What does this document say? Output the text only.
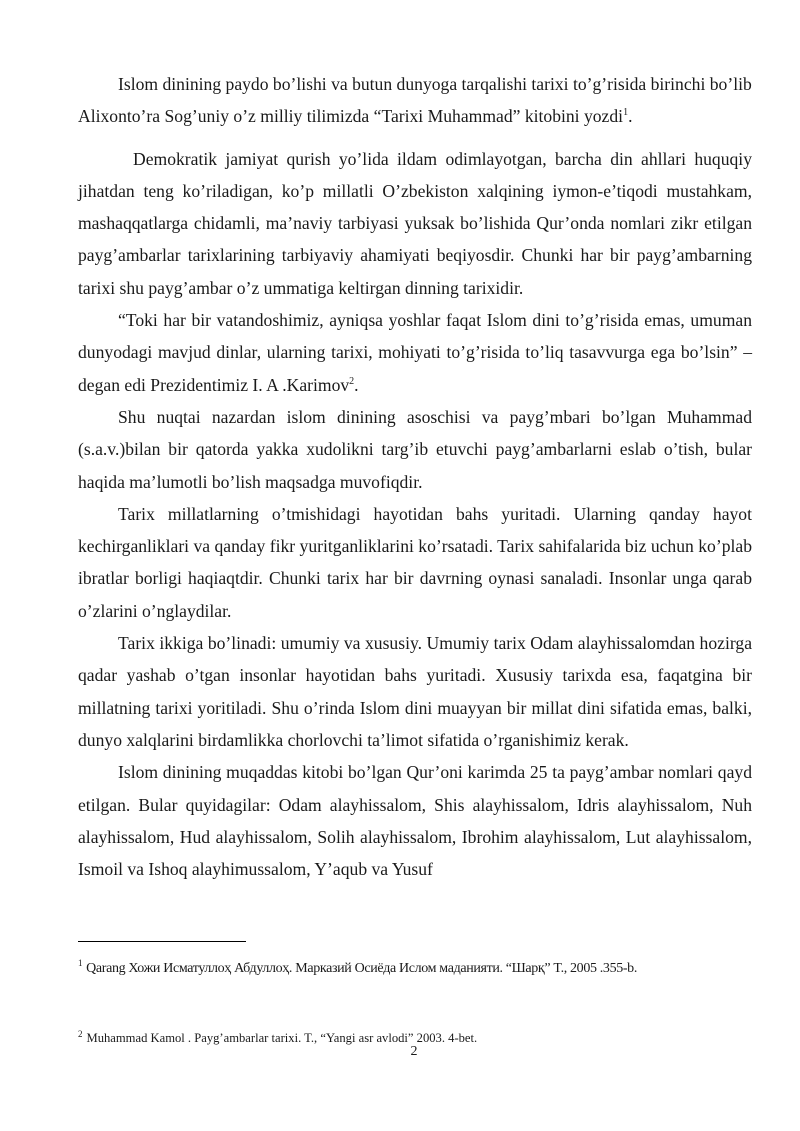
Islom dinining paydo bo’lishi va butun dunyoga tarqalishi tarixi to’g’risida birinchi bo’lib Alixonto’ra Sog’uniy o’z milliy tilimizda “Tarixi Muhammad” kitobini yozdi$^1$.

Demokratik jamiyat qurish yo’lida ildam odimlayotgan, barcha din ahllari huquqiy jihatdan teng ko’riladigan, ko’p millatli O’zbekiston xalqining iymon-e’tiqodi mustahkam, mashaqqatlarga chidamli, ma’naviy tarbiyasi yuksak bo’lishida Qur’onda nomlari zikr etilgan payg’ambarlar tarixlarining tarbiyaviy ahamiyati beqiyosdir. Chunki har bir payg’ambarning tarixi shu payg’ambar o’z ummatiga keltirgan dinning tarixidir.

“Toki har bir vatandoshimiz, ayniqsa yoshlar faqat Islom dini to’g’risida emas, umuman dunyodagi mavjud dinlar, ularning tarixi, mohiyati to’g’risida to’liq tasavvurga ega bo’lsin” – degan edi Prezidentimiz I. A .Karimov$^2$.

Shu nuqtai nazardan islom dinining asoschisi va payg’mbari bo’lgan Muhammad (s.a.v.)bilan bir qatorda yakka xudolikni targ’ib etuvchi payg’ambarlarni eslab o’tish, bular haqida ma’lumotli bo’lish maqsadga muvofiqdir.

Tarix millatlarning o’tmishidagi hayotidan bahs yuritadi. Ularning qanday hayot kechirganliklari va qanday fikr yuritganliklarini ko’rsatadi. Tarix sahifalarida biz uchun ko’plab ibratlar borligi haqiaqtdir. Chunki tarix har bir davrning oynasi sanaladi. Insonlar unga qarab o’zlarini o’nglaydilar.

Tarix ikkiga bo’linadi: umumiy va xususiy. Umumiy tarix Odam alayhissalomdan hozirga qadar yashab o’tgan insonlar hayotidan bahs yuritadi. Xususiy tarixda esa, faqatgina bir millatning tarixi yoritiladi. Shu o’rinda Islom dini muayyan bir millat dini sifatida emas, balki, dunyo xalqlarini birdamlikka chorlovchi ta’limot sifatida o’rganishimiz kerak.

Islom dinining muqaddas kitobi bo’lgan Qur’oni karimda 25 ta payg’ambar nomlari qayd etilgan. Bular quyidagilar: Odam alayhissalom, Shis alayhissalom, Idris alayhissalom, Nuh alayhissalom, Hud alayhissalom, Solih alayhissalom, Ibrohim alayhissalom, Lut alayhissalom, Ismoil va Ishoq alayhimussalom, Y’aqub va Yusuf

$^1$ Qarang Хожи Исматуллоҳ Абдуллоҳ. Марказий Осиёда Ислом маданияти. “Шарқ” T., 2005 .355-b.
$^2$ Muhammad Kamol . Payg’ambarlar tarixi. T., “Yangi asr avlodi” 2003. 4-bet.
2
